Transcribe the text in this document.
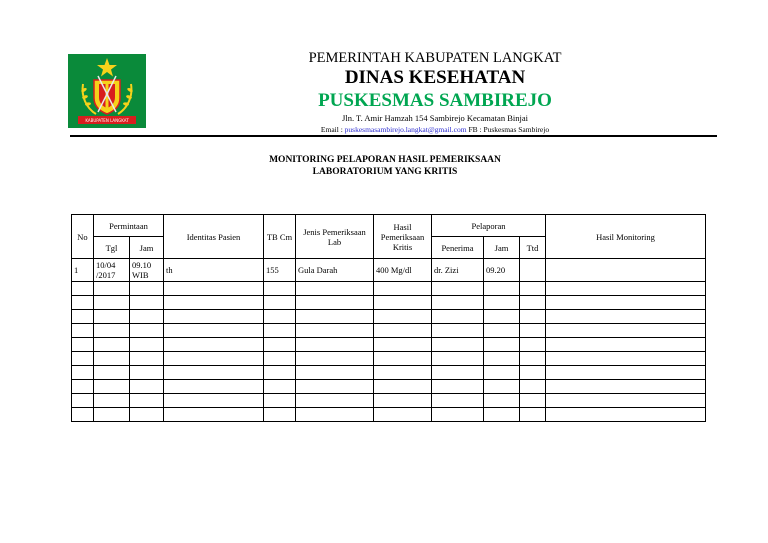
KABUPATEN LANGKAT
PEMERINTAH KABUPATEN LANGKAT
DINAS KESEHATAN
PUSKESMAS SAMBIREJO
Jln. T. Amir Hamzah 154 Sambirejo Kecamatan Binjai
Email : puskesmasambirejo.langkat@gmail.com FB : Puskesmas Sambirejo
MONITORING PELAPORAN HASIL PEMERIKSAAN
LABORATORIUM YANG KRITIS
No	Permintaan		Identitas Pasien	TB Cm	Jenis Pemeriksaan Lab	Hasil Pemeriksaan Kritis	Pelaporan			Hasil Monitoring
	Tgl	Jam					Penerima	Jam	Ttd	
1	10/04 /2017	09.10 WIB	th	155	Gula Darah	400 Mg/dl	dr. Zizi	09.20		
